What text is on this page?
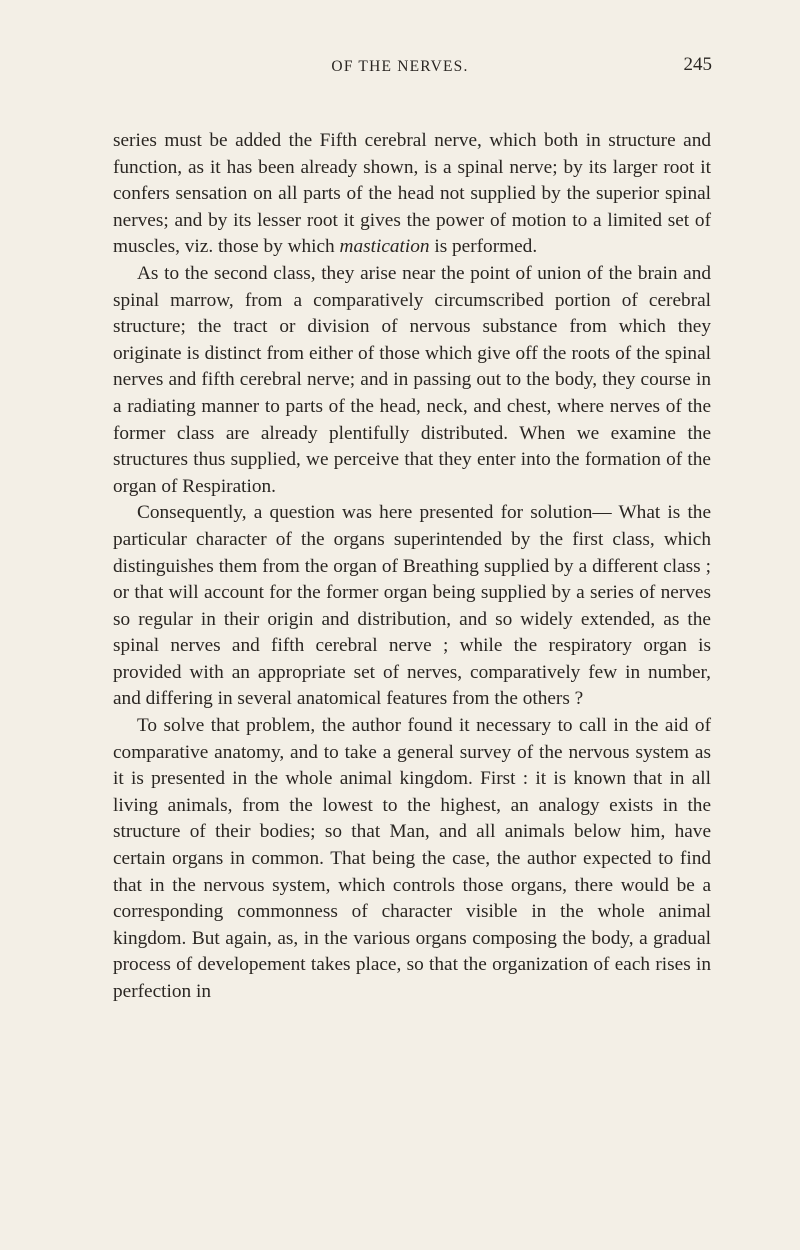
OF THE NERVES.	245

series must be added the Fifth cerebral nerve, which both in structure and function, as it has been already shown, is a spinal nerve; by its larger root it confers sensation on all parts of the head not supplied by the superior spinal nerves; and by its lesser root it gives the power of motion to a limited set of muscles, viz. those by which mastication is performed.

As to the second class, they arise near the point of union of the brain and spinal marrow, from a comparatively circumscribed portion of cerebral structure; the tract or division of nervous substance from which they originate is distinct from either of those which give off the roots of the spinal nerves and fifth cerebral nerve; and in passing out to the body, they course in a radiating manner to parts of the head, neck, and chest, where nerves of the former class are already plentifully distributed. When we examine the structures thus supplied, we perceive that they enter into the formation of the organ of Respiration.

Consequently, a question was here presented for solution— What is the particular character of the organs superintended by the first class, which distinguishes them from the organ of Breathing supplied by a different class ; or that will account for the former organ being supplied by a series of nerves so regular in their origin and distribution, and so widely extended, as the spinal nerves and fifth cerebral nerve ; while the respiratory organ is provided with an appropriate set of nerves, comparatively few in number, and differing in several anatomical features from the others ?

To solve that problem, the author found it necessary to call in the aid of comparative anatomy, and to take a general survey of the nervous system as it is presented in the whole animal kingdom. First : it is known that in all living animals, from the lowest to the highest, an analogy exists in the structure of their bodies; so that Man, and all animals below him, have certain organs in common. That being the case, the author expected to find that in the nervous system, which controls those organs, there would be a corresponding commonness of character visible in the whole animal kingdom. But again, as, in the various organs composing the body, a gradual process of developement takes place, so that the organization of each rises in perfection in
